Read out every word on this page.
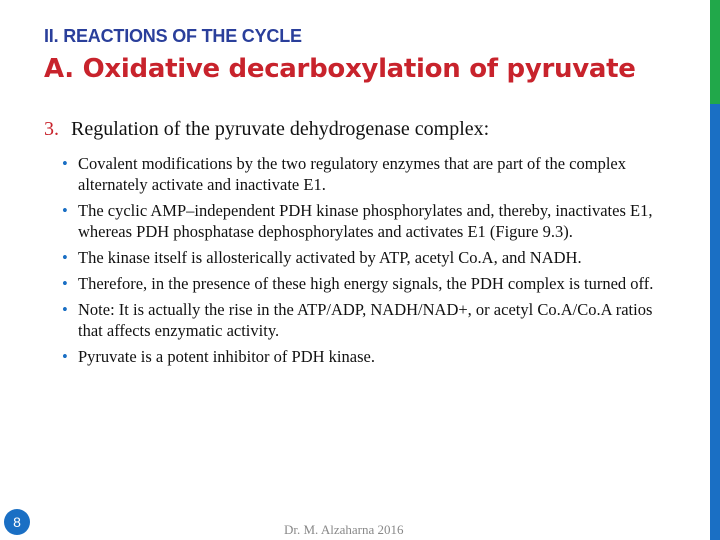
II. REACTIONS OF THE CYCLE
A. Oxidative decarboxylation of pyruvate
3. Regulation of the pyruvate dehydrogenase complex:
• Covalent modifications by the two regulatory enzymes that are part of the complex alternately activate and inactivate E1.
• The cyclic AMP–independent PDH kinase phosphorylates and, thereby, inactivates E1, whereas PDH phosphatase dephosphorylates and activates E1 (Figure 9.3).
• The kinase itself is allosterically activated by ATP, acetyl Co.A, and NADH.
• Therefore, in the presence of these high energy signals, the PDH complex is turned off.
• Note: It is actually the rise in the ATP/ADP, NADH/NAD+, or acetyl Co.A/Co.A ratios that affects enzymatic activity.
• Pyruvate is a potent inhibitor of PDH kinase.
8	Dr. M. Alzaharna 2016
